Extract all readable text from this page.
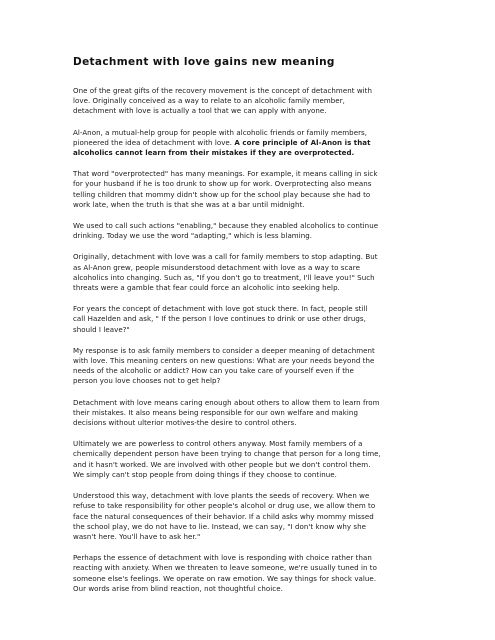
Detachment with love gains new meaning

One of the great gifts of the recovery movement is the concept of detachment with
love. Originally conceived as a way to relate to an alcoholic family member,
detachment with love is actually a tool that we can apply with anyone.

Al-Anon, a mutual-help group for people with alcoholic friends or family members,
pioneered the idea of detachment with love. A core principle of Al-Anon is that
alcoholics cannot learn from their mistakes if they are overprotected.

That word "overprotected" has many meanings. For example, it means calling in sick
for your husband if he is too drunk to show up for work. Overprotecting also means
telling children that mommy didn't show up for the school play because she had to
work late, when the truth is that she was at a bar until midnight.

We used to call such actions "enabling," because they enabled alcoholics to continue
drinking. Today we use the word "adapting," which is less blaming.

Originally, detachment with love was a call for family members to stop adapting. But
as Al-Anon grew, people misunderstood detachment with love as a way to scare
alcoholics into changing. Such as, "If you don't go to treatment, I'll leave you!" Such
threats were a gamble that fear could force an alcoholic into seeking help.

For years the concept of detachment with love got stuck there. In fact, people still
call Hazelden and ask, " If the person I love continues to drink or use other drugs,
should I leave?"

My response is to ask family members to consider a deeper meaning of detachment
with love. This meaning centers on new questions: What are your needs beyond the
needs of the alcoholic or addict? How can you take care of yourself even if the
person you love chooses not to get help?

Detachment with love means caring enough about others to allow them to learn from
their mistakes. It also means being responsible for our own welfare and making
decisions without ulterior motives-the desire to control others.

Ultimately we are powerless to control others anyway. Most family members of a
chemically dependent person have been trying to change that person for a long time,
and it hasn't worked. We are involved with other people but we don't control them.
We simply can't stop people from doing things if they choose to continue.

Understood this way, detachment with love plants the seeds of recovery. When we
refuse to take responsibility for other people's alcohol or drug use, we allow them to
face the natural consequences of their behavior. If a child asks why mommy missed
the school play, we do not have to lie. Instead, we can say, "I don't know why she
wasn't here. You'll have to ask her."

Perhaps the essence of detachment with love is responding with choice rather than
reacting with anxiety. When we threaten to leave someone, we're usually tuned in to
someone else's feelings. We operate on raw emotion. We say things for shock value.
Our words arise from blind reaction, not thoughtful choice.
